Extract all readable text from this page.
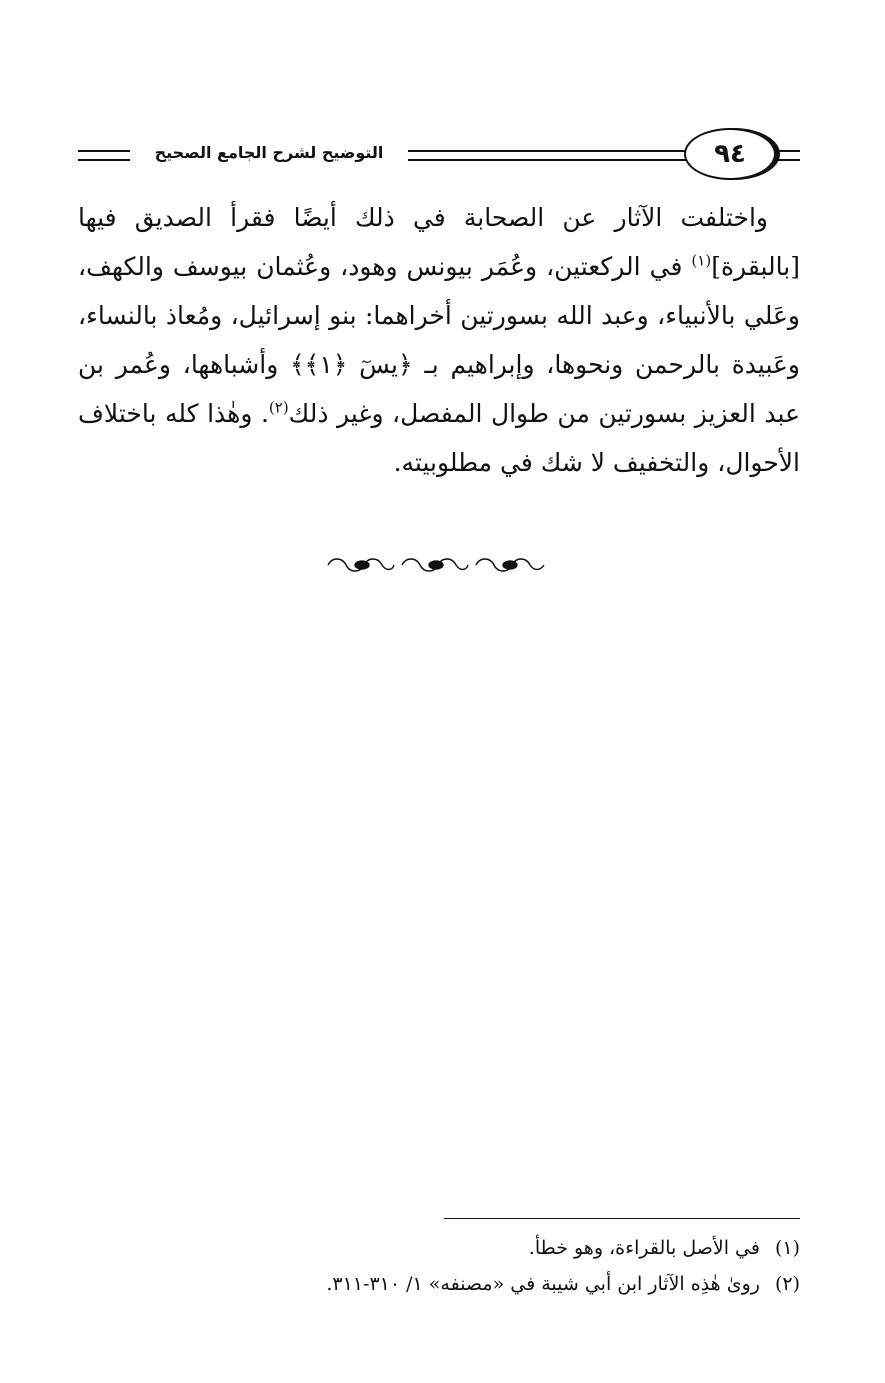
التوضيح لشرح الجامع الصحيح	٩٤

واختلفت الآثار عن الصحابة في ذلك أيضًا فقرأ الصديق فيها [بالبقرة]$^{(١)}$ في الركعتين، وعُمَر بيونس وهود، وعُثمان بيوسف والكهف، وعَلي بالأنبياء، وعبد الله بسورتين أخراهما: بنو إسرائيل، ومُعاذ بالنساء، وعَبيدة بالرحمن ونحوها، وإبراهيم بـ ﴿يسٓ ﴿١﴾﴾ وأشباهها، وعُمر بن عبد العزيز بسورتين من طوال المفصل، وغير ذلك$^{(٢)}$. وهٰذا كله باختلاف الأحوال، والتخفيف لا شك في مطلوبيته.

(١) في الأصل بالقراءة، وهو خطأ.
(٢) رویٰ هٰذِه الآثار ابن أبي شيبة في «مصنفه» ١/ ٣١٠-٣١١.
